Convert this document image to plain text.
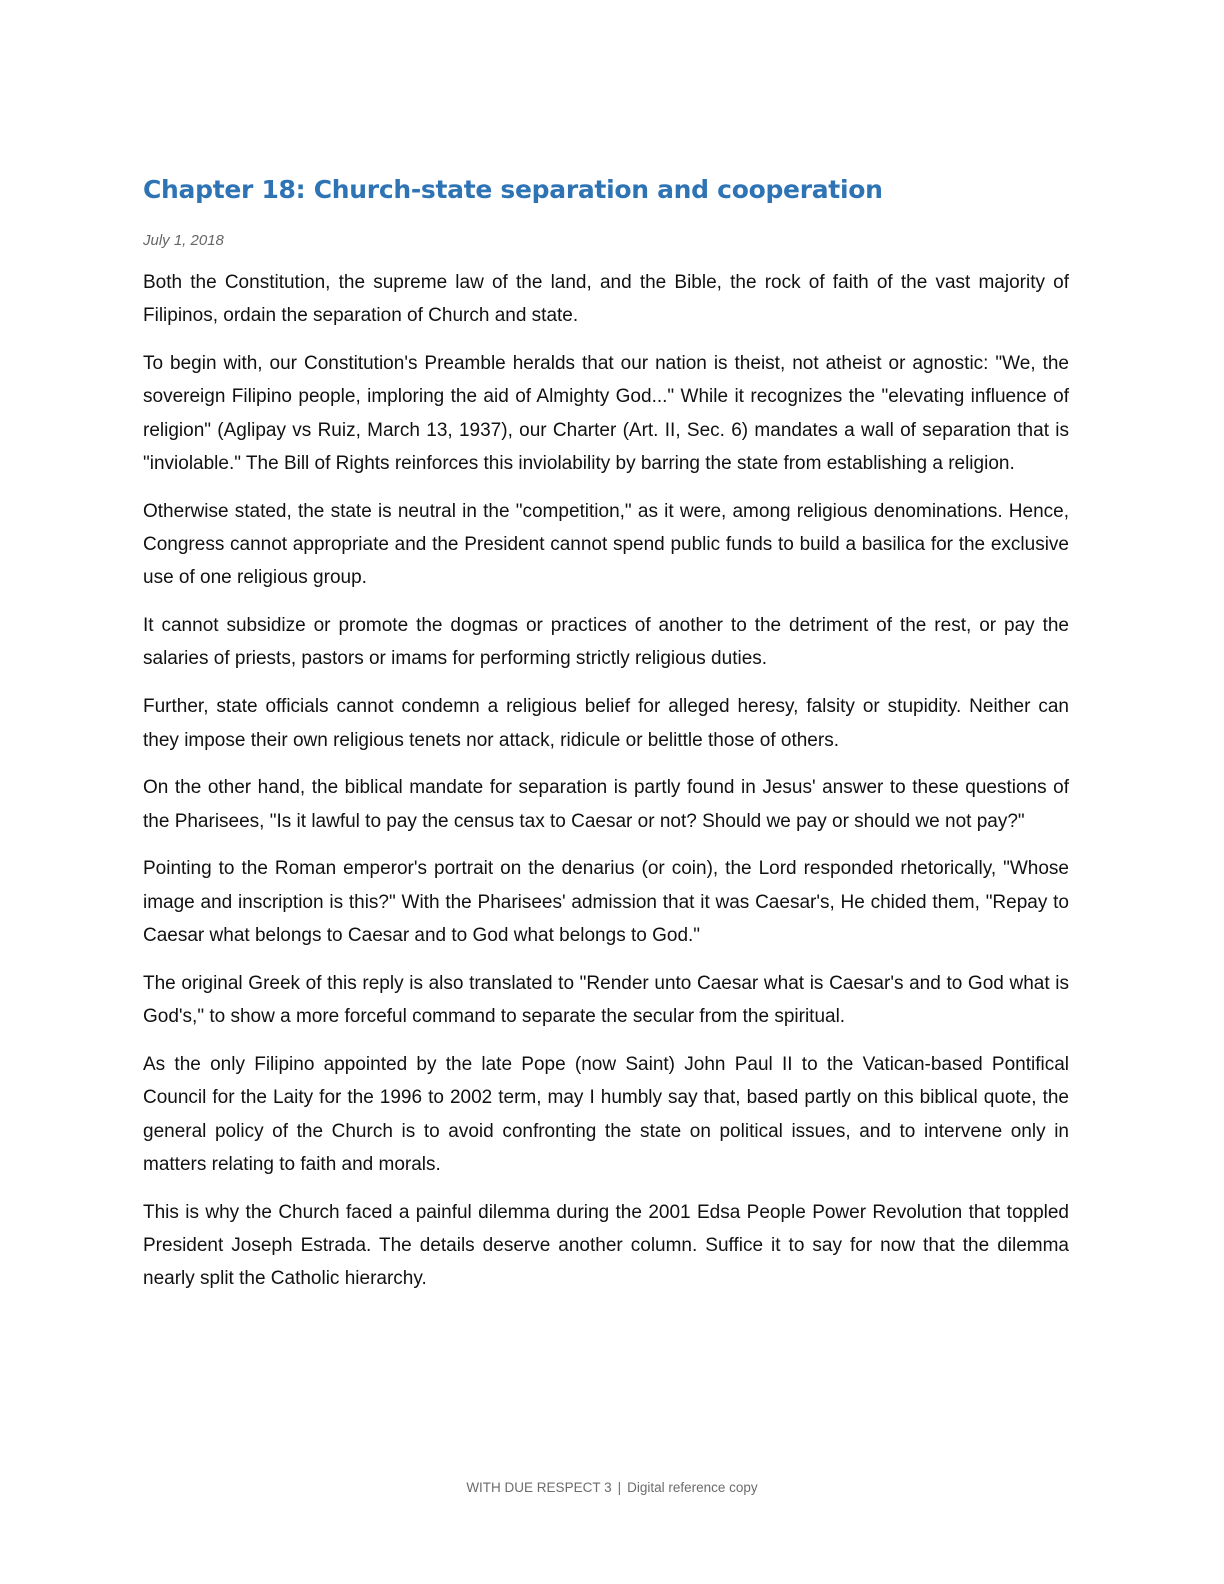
Chapter 18: Church-state separation and cooperation
July 1, 2018

Both the Constitution, the supreme law of the land, and the Bible, the rock of faith of the vast majority of Filipinos, ordain the separation of Church and state.

To begin with, our Constitution's Preamble heralds that our nation is theist, not atheist or agnostic: "We, the sovereign Filipino people, imploring the aid of Almighty God..." While it recognizes the "elevating influence of religion" (Aglipay vs Ruiz, March 13, 1937), our Charter (Art. II, Sec. 6) mandates a wall of separation that is "inviolable." The Bill of Rights reinforces this inviolability by barring the state from establishing a religion.

Otherwise stated, the state is neutral in the "competition," as it were, among religious denominations. Hence, Congress cannot appropriate and the President cannot spend public funds to build a basilica for the exclusive use of one religious group.

It cannot subsidize or promote the dogmas or practices of another to the detriment of the rest, or pay the salaries of priests, pastors or imams for performing strictly religious duties.

Further, state officials cannot condemn a religious belief for alleged heresy, falsity or stupidity. Neither can they impose their own religious tenets nor attack, ridicule or belittle those of others.

On the other hand, the biblical mandate for separation is partly found in Jesus' answer to these questions of the Pharisees, "Is it lawful to pay the census tax to Caesar or not? Should we pay or should we not pay?"

Pointing to the Roman emperor's portrait on the denarius (or coin), the Lord responded rhetorically, "Whose image and inscription is this?" With the Pharisees' admission that it was Caesar's, He chided them, "Repay to Caesar what belongs to Caesar and to God what belongs to God."

The original Greek of this reply is also translated to "Render unto Caesar what is Caesar's and to God what is God's," to show a more forceful command to separate the secular from the spiritual.

As the only Filipino appointed by the late Pope (now Saint) John Paul II to the Vatican-based Pontifical Council for the Laity for the 1996 to 2002 term, may I humbly say that, based partly on this biblical quote, the general policy of the Church is to avoid confronting the state on political issues, and to intervene only in matters relating to faith and morals.

This is why the Church faced a painful dilemma during the 2001 Edsa People Power Revolution that toppled President Joseph Estrada. The details deserve another column. Suffice it to say for now that the dilemma nearly split the Catholic hierarchy.

WITH DUE RESPECT 3 | Digital reference copy
